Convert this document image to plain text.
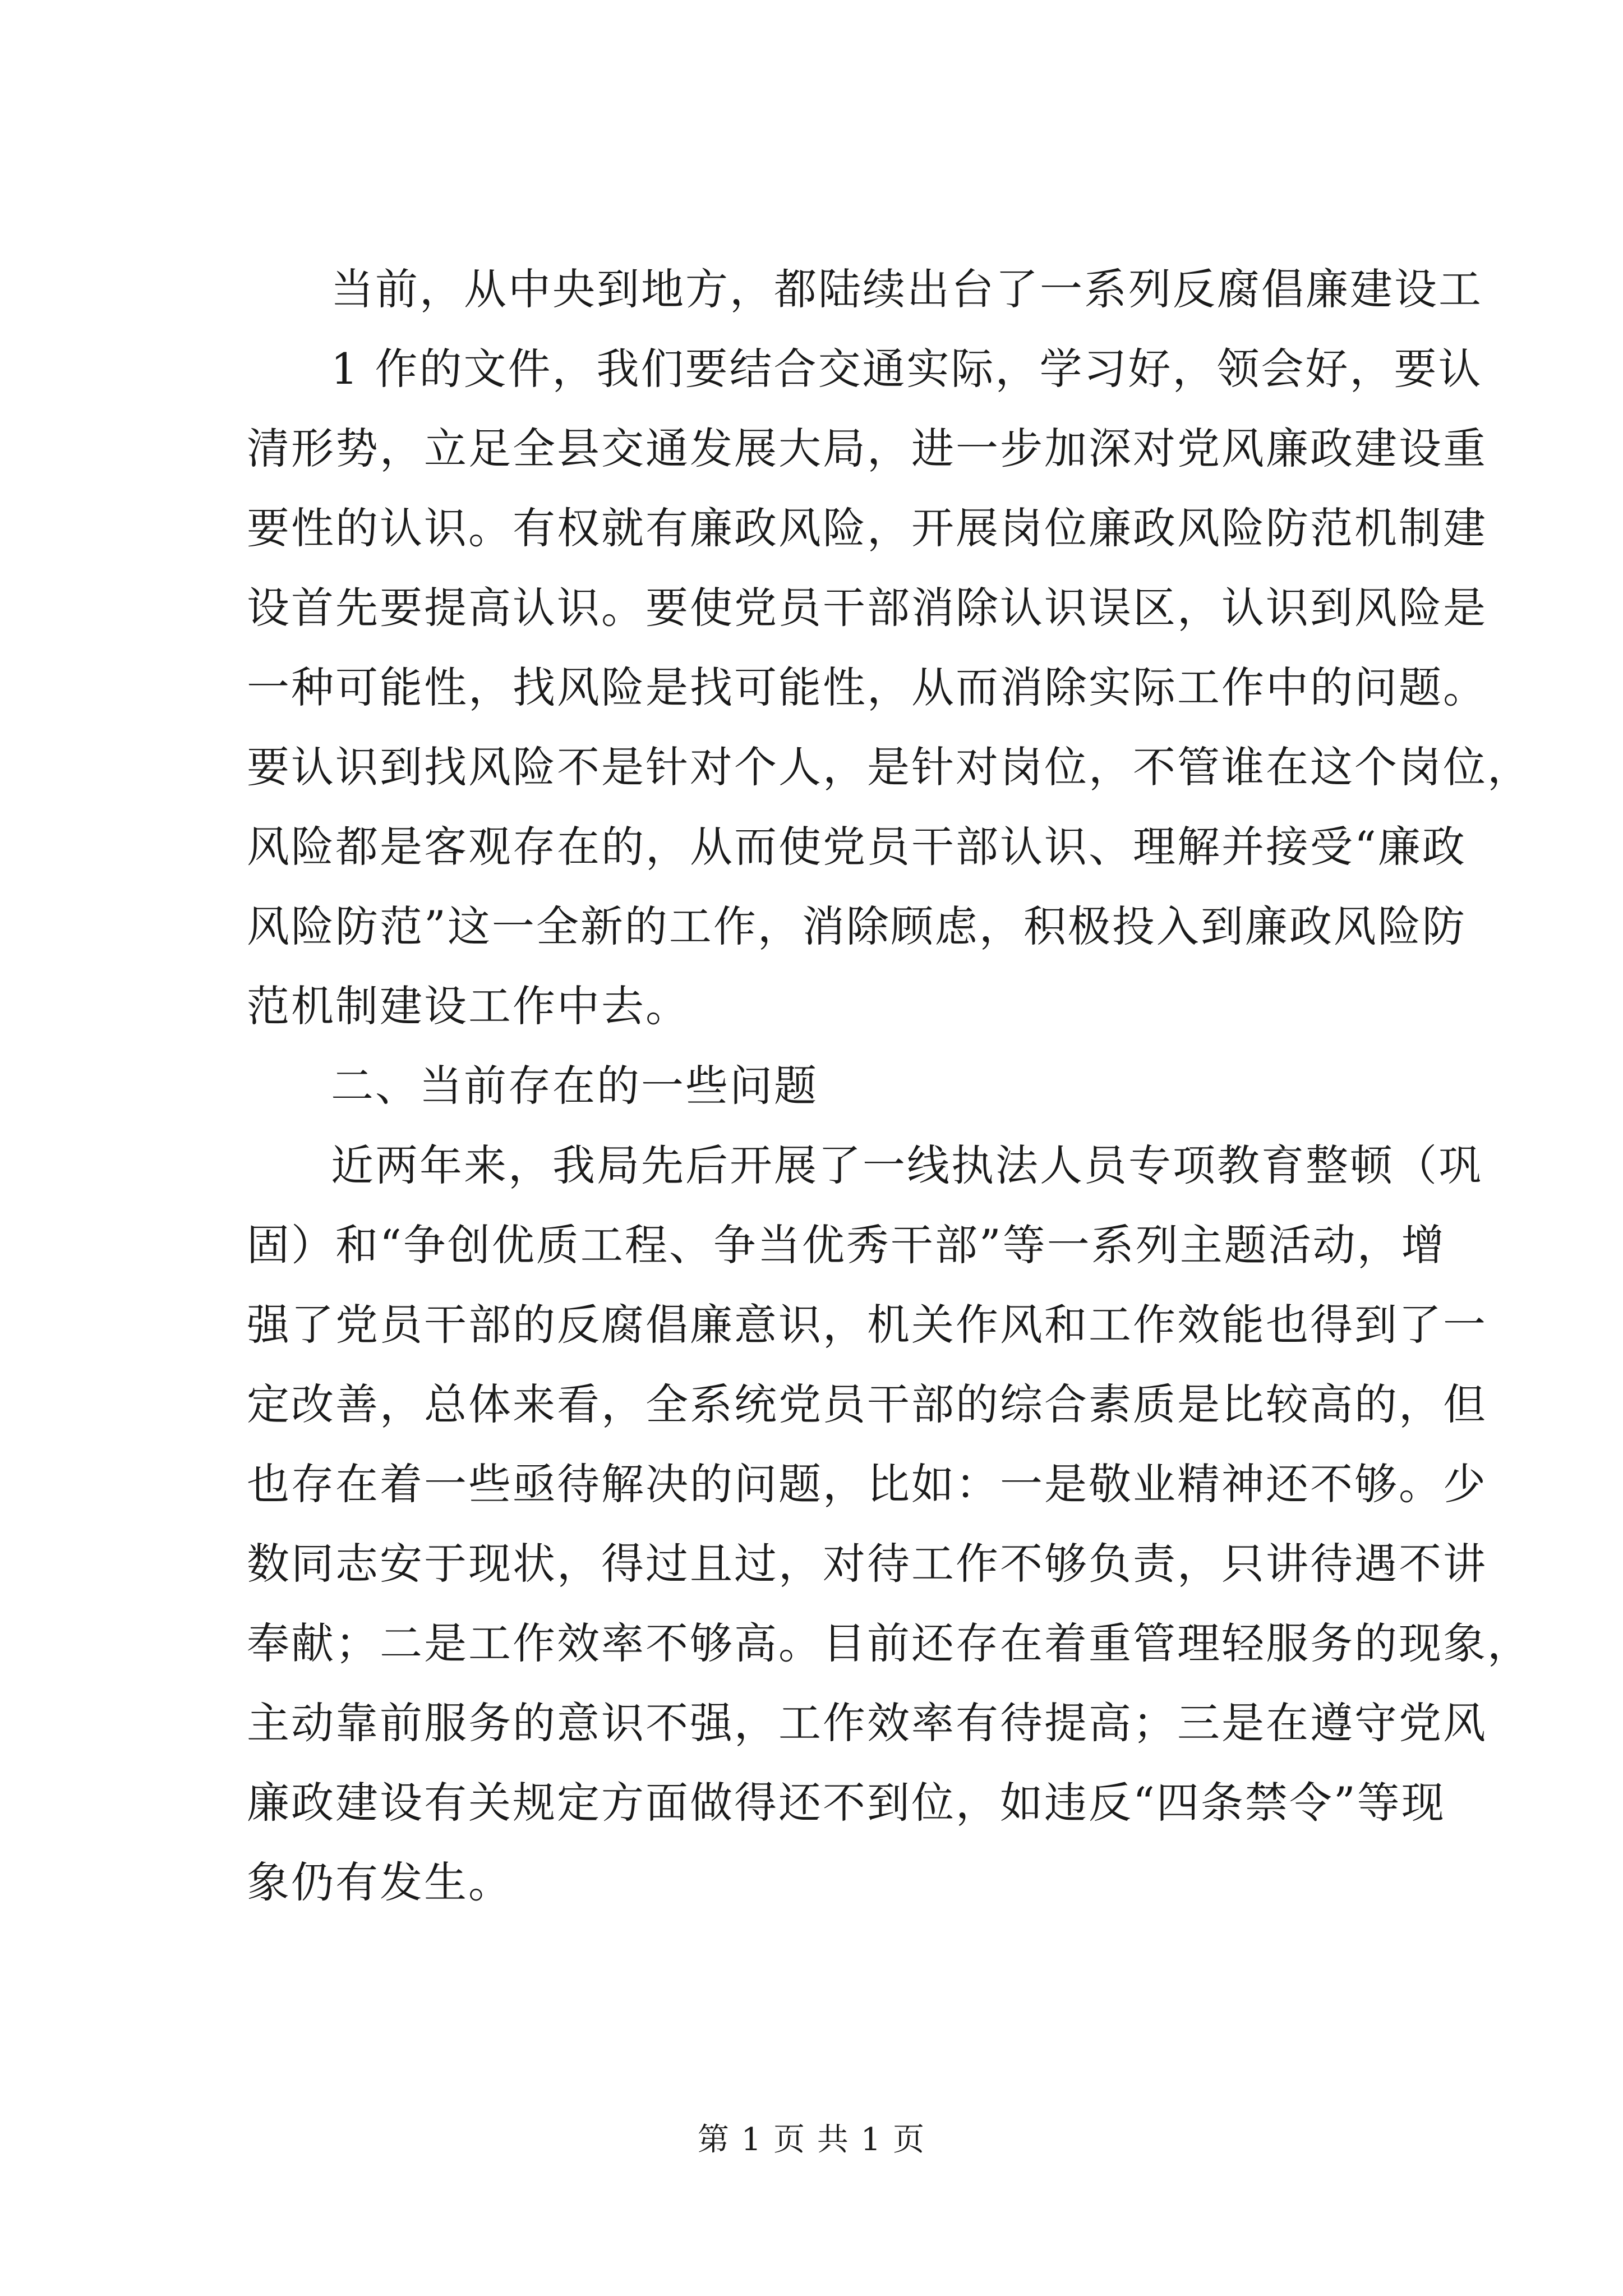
当前，从中央到地方，都陆续出台了一系列反腐倡廉建设工
1 作的文件，我们要结合交通实际，学习好，领会好，要认
清形势，立足全县交通发展大局，进一步加深对党风廉政建设重
要性的认识。有权就有廉政风险，开展岗位廉政风险防范机制建
设首先要提高认识。要使党员干部消除认识误区，认识到风险是
一种可能性，找风险是找可能性，从而消除实际工作中的问题。
要认识到找风险不是针对个人，是针对岗位，不管谁在这个岗位，
风险都是客观存在的，从而使党员干部认识、理解并接受“廉政
风险防范”这一全新的工作，消除顾虑，积极投入到廉政风险防
范机制建设工作中去。
二、当前存在的一些问题
近两年来，我局先后开展了一线执法人员专项教育整顿（巩
固）和“争创优质工程、争当优秀干部”等一系列主题活动，增
强了党员干部的反腐倡廉意识，机关作风和工作效能也得到了一
定改善，总体来看，全系统党员干部的综合素质是比较高的，但
也存在着一些亟待解决的问题，比如：一是敬业精神还不够。少
数同志安于现状，得过且过，对待工作不够负责，只讲待遇不讲
奉献；二是工作效率不够高。目前还存在着重管理轻服务的现象，
主动靠前服务的意识不强，工作效率有待提高；三是在遵守党风
廉政建设有关规定方面做得还不到位，如违反“四条禁令”等现
象仍有发生。
第 1 页 共 1 页
